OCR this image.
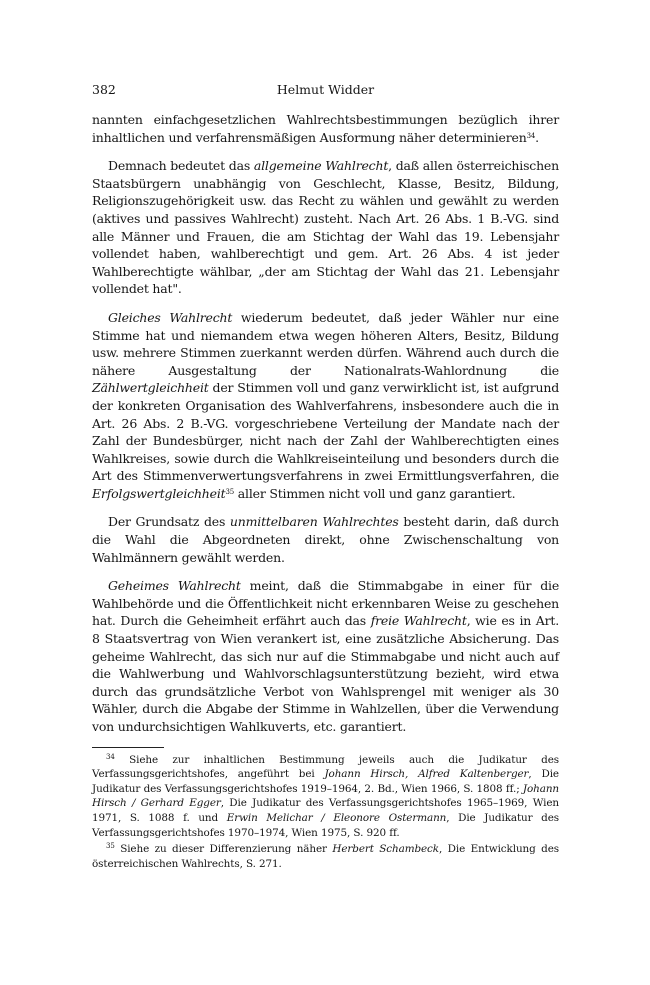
382	Helmut Widder

nannten einfachgesetzlichen Wahlrechtsbestimmungen bezüglich ihrer inhaltlichen und verfahrensmäßigen Ausformung näher determinieren$^{34}$.

Demnach bedeutet das allgemeine Wahlrecht, daß allen österreichischen Staatsbürgern unabhängig von Geschlecht, Klasse, Besitz, Bildung, Religionszugehörigkeit usw. das Recht zu wählen und gewählt zu werden (aktives und passives Wahlrecht) zusteht. Nach Art. 26 Abs. 1 B.-VG. sind alle Männer und Frauen, die am Stichtag der Wahl das 19. Lebensjahr vollendet haben, wahlberechtigt und gem. Art. 26 Abs. 4 ist jeder Wahlberechtigte wählbar, „der am Stichtag der Wahl das 21. Lebensjahr vollendet hat".

Gleiches Wahlrecht wiederum bedeutet, daß jeder Wähler nur eine Stimme hat und niemandem etwa wegen höheren Alters, Besitz, Bildung usw. mehrere Stimmen zuerkannt werden dürfen. Während auch durch die nähere Ausgestaltung der Nationalrats-Wahlordnung die Zählwertgleichheit der Stimmen voll und ganz verwirklicht ist, ist aufgrund der konkreten Organisation des Wahlverfahrens, insbesondere auch die in Art. 26 Abs. 2 B.-VG. vorgeschriebene Verteilung der Mandate nach der Zahl der Bundesbürger, nicht nach der Zahl der Wahlberechtigten eines Wahlkreises, sowie durch die Wahlkreiseinteilung und besonders durch die Art des Stimmenverwertungsverfahrens in zwei Ermittlungsverfahren, die Erfolgswertgleichheit$^{35}$ aller Stimmen nicht voll und ganz garantiert.

Der Grundsatz des unmittelbaren Wahlrechtes besteht darin, daß durch die Wahl die Abgeordneten direkt, ohne Zwischenschaltung von Wahlmännern gewählt werden.

Geheimes Wahlrecht meint, daß die Stimmabgabe in einer für die Wahlbehörde und die Öffentlichkeit nicht erkennbaren Weise zu geschehen hat. Durch die Geheimheit erfährt auch das freie Wahlrecht, wie es in Art. 8 Staatsvertrag von Wien verankert ist, eine zusätzliche Absicherung. Das geheime Wahlrecht, das sich nur auf die Stimmabgabe und nicht auch auf die Wahlwerbung und Wahlvorschlagsunterstützung bezieht, wird etwa durch das grundsätzliche Verbot von Wahlsprengel mit weniger als 30 Wähler, durch die Abgabe der Stimme in Wahlzellen, über die Verwendung von undurchsichtigen Wahlkuverts, etc. garantiert.

$^{34}$ Siehe zur inhaltlichen Bestimmung jeweils auch die Judikatur des Verfassungsgerichtshofes, angeführt bei Johann Hirsch, Alfred Kaltenberger, Die Judikatur des Verfassungsgerichtshofes 1919–1964, 2. Bd., Wien 1966, S. 1808 ff.; Johann Hirsch / Gerhard Egger, Die Judikatur des Verfassungsgerichtshofes 1965–1969, Wien 1971, S. 1088 f. und Erwin Melichar / Eleonore Ostermann, Die Judikatur des Verfassungsgerichtshofes 1970–1974, Wien 1975, S. 920 ff.

$^{35}$ Siehe zu dieser Differenzierung näher Herbert Schambeck, Die Entwicklung des österreichischen Wahlrechts, S. 271.
